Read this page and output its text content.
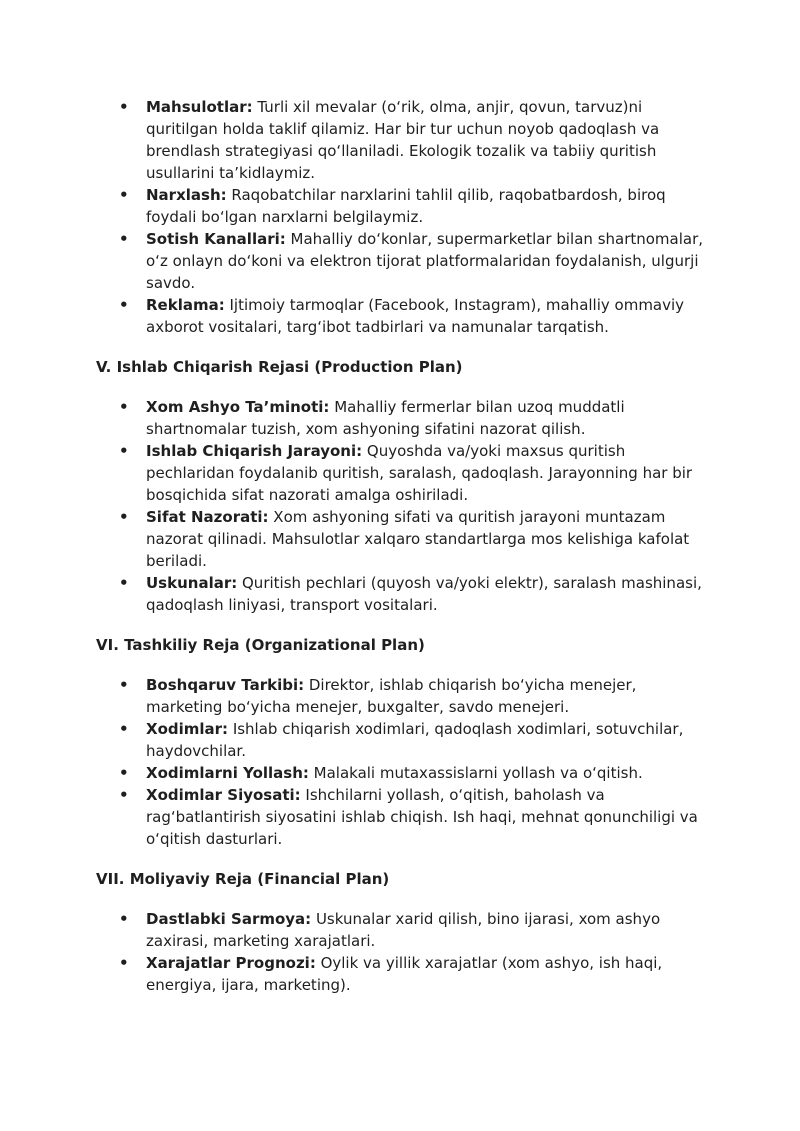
• Mahsulotlar: Turli xil mevalar (o‘rik, olma, anjir, qovun, tarvuz)ni quritilgan holda taklif qilamiz. Har bir tur uchun noyob qadoqlash va brendlash strategiyasi qo‘llaniladi. Ekologik tozalik va tabiiy quritish usullarini ta’kidlaymiz.
• Narxlash: Raqobatchilar narxlarini tahlil qilib, raqobatbardosh, biroq foydali bo‘lgan narxlarni belgilaymiz.
• Sotish Kanallari: Mahalliy do‘konlar, supermarketlar bilan shartnomalar, o‘z onlayn do‘koni va elektron tijorat platformalaridan foydalanish, ulgurji savdo.
• Reklama: Ijtimoiy tarmoqlar (Facebook, Instagram), mahalliy ommaviy axborot vositalari, targ‘ibot tadbirlari va namunalar tarqatish.
V. Ishlab Chiqarish Rejasi (Production Plan)
• Xom Ashyo Ta’minoti: Mahalliy fermerlar bilan uzoq muddatli shartnomalar tuzish, xom ashyoning sifatini nazorat qilish.
• Ishlab Chiqarish Jarayoni: Quyoshda va/yoki maxsus quritish pechlaridan foydalanib quritish, saralash, qadoqlash. Jarayonning har bir bosqichida sifat nazorati amalga oshiriladi.
• Sifat Nazorati: Xom ashyoning sifati va quritish jarayoni muntazam nazorat qilinadi. Mahsulotlar xalqaro standartlarga mos kelishiga kafolat beriladi.
• Uskunalar: Quritish pechlari (quyosh va/yoki elektr), saralash mashinasi, qadoqlash liniyasi, transport vositalari.
VI. Tashkiliy Reja (Organizational Plan)
• Boshqaruv Tarkibi: Direktor, ishlab chiqarish bo‘yicha menejer, marketing bo‘yicha menejer, buxgalter, savdo menejeri.
• Xodimlar: Ishlab chiqarish xodimlari, qadoqlash xodimlari, sotuvchilar, haydovchilar.
• Xodimlarni Yollash: Malakali mutaxassislarni yollash va o‘qitish.
• Xodimlar Siyosati: Ishchilarni yollash, o‘qitish, baholash va rag‘batlantirish siyosatini ishlab chiqish. Ish haqi, mehnat qonunchiligi va o‘qitish dasturlari.
VII. Moliyaviy Reja (Financial Plan)
• Dastlabki Sarmoya: Uskunalar xarid qilish, bino ijarasi, xom ashyo zaxirasi, marketing xarajatlari.
• Xarajatlar Prognozi: Oylik va yillik xarajatlar (xom ashyo, ish haqi, energiya, ijara, marketing).
